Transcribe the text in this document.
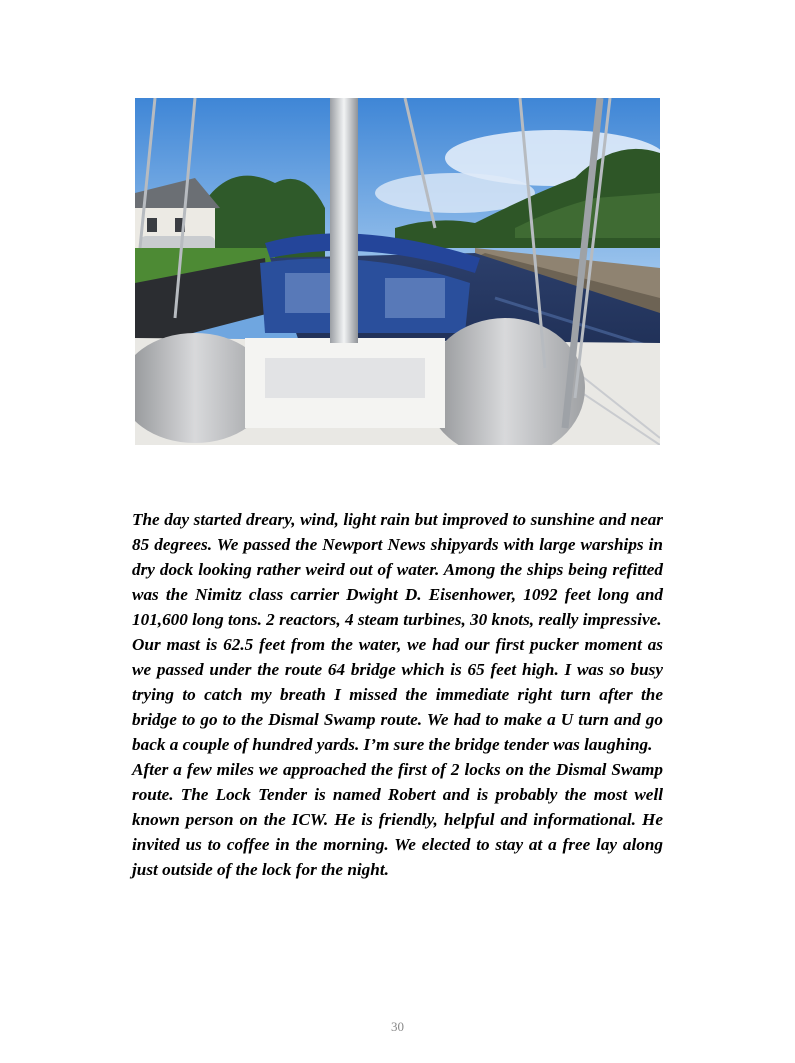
The day started dreary, wind, light rain but improved to sunshine and near 85 degrees. We passed the Newport News shipyards with large warships in dry dock looking rather weird out of water. Among the ships being refitted was the Nimitz class carrier Dwight D. Eisenhower, 1092 feet long and 101,600 long tons. 2 reactors, 4 steam turbines, 30 knots, really impressive.

Our mast is 62.5 feet from the water, we had our first pucker moment as we passed under the route 64 bridge which is 65 feet high. I was so busy trying to catch my breath I missed the immediate right turn after the bridge to go to the Dismal Swamp route. We had to make a U turn and go back a couple of hundred yards. I’m sure the bridge tender was laughing.

After a few miles we approached the first of 2 locks on the Dismal Swamp route. The Lock Tender is named Robert and is probably the most well known person on the ICW. He is friendly, helpful and informational. He invited us to coffee in the morning. We elected to stay at a free lay along just outside of the lock for the night.

30
